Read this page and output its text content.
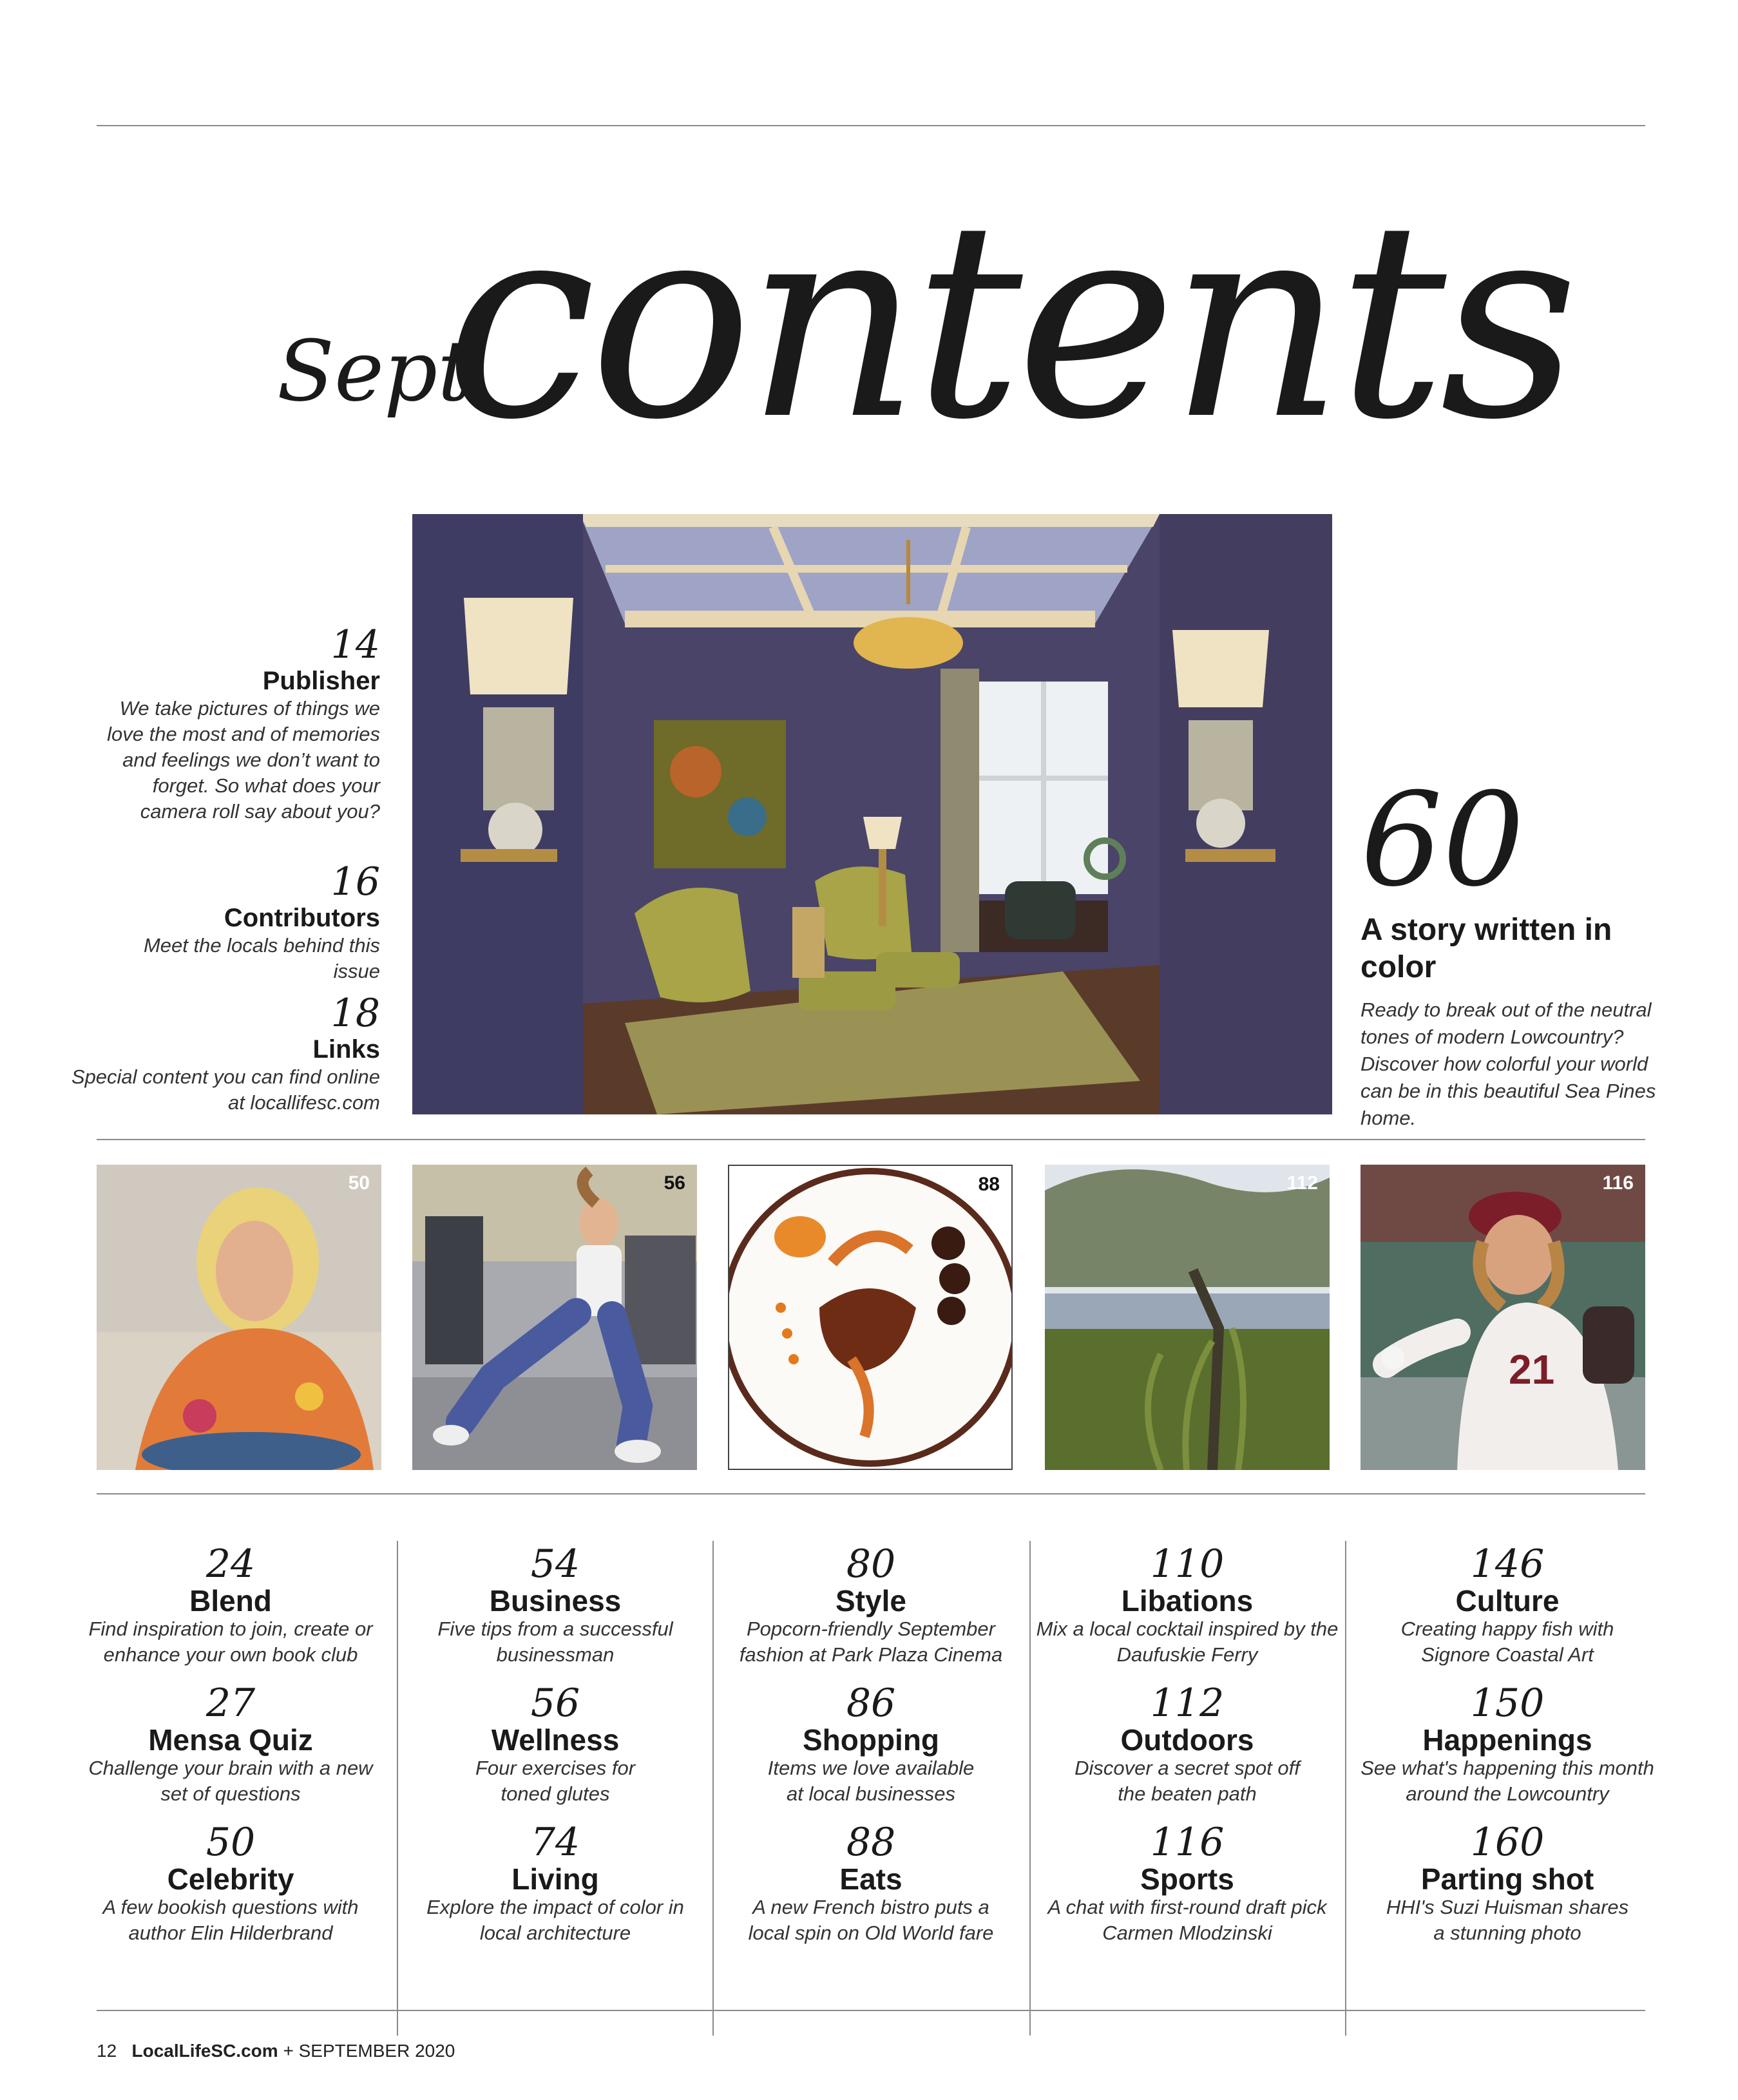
Sept
contents
14
Publisher
We take pictures of things we love the most and of memories and feelings we don’t want to forget. So what does your camera roll say about you?
16
Contributors
Meet the locals behind this issue
18
Links
Special content you can find online at locallifesc.com
60
A story written in color
Ready to break out of the neutral tones of modern Lowcountry? Discover how colorful your world can be in this beautiful Sea Pines home.
50	56	88	112
21
116
24
Blend
Find inspiration to join, create or enhance your own book club
27
Mensa Quiz
Challenge your brain with a new set of questions
50
Celebrity
A few bookish questions with author Elin Hilderbrand
54
Business
Five tips from a successful businessman
56
Wellness
Four exercises for toned glutes
74
Living
Explore the impact of color in local architecture
80
Style
Popcorn-friendly September fashion at Park Plaza Cinema
86
Shopping
Items we love available at local businesses
88
Eats
A new French bistro puts a local spin on Old World fare
110
Libations
Mix a local cocktail inspired by the Daufuskie Ferry
112
Outdoors
Discover a secret spot off the beaten path
116
Sports
A chat with first-round draft pick Carmen Mlodzinski
146
Culture
Creating happy fish with Signore Coastal Art
150
Happenings
See what's happening this month around the Lowcountry
160
Parting shot
HHI's Suzi Huisman shares a stunning photo
12 LocalLifeSC.com + SEPTEMBER 2020
